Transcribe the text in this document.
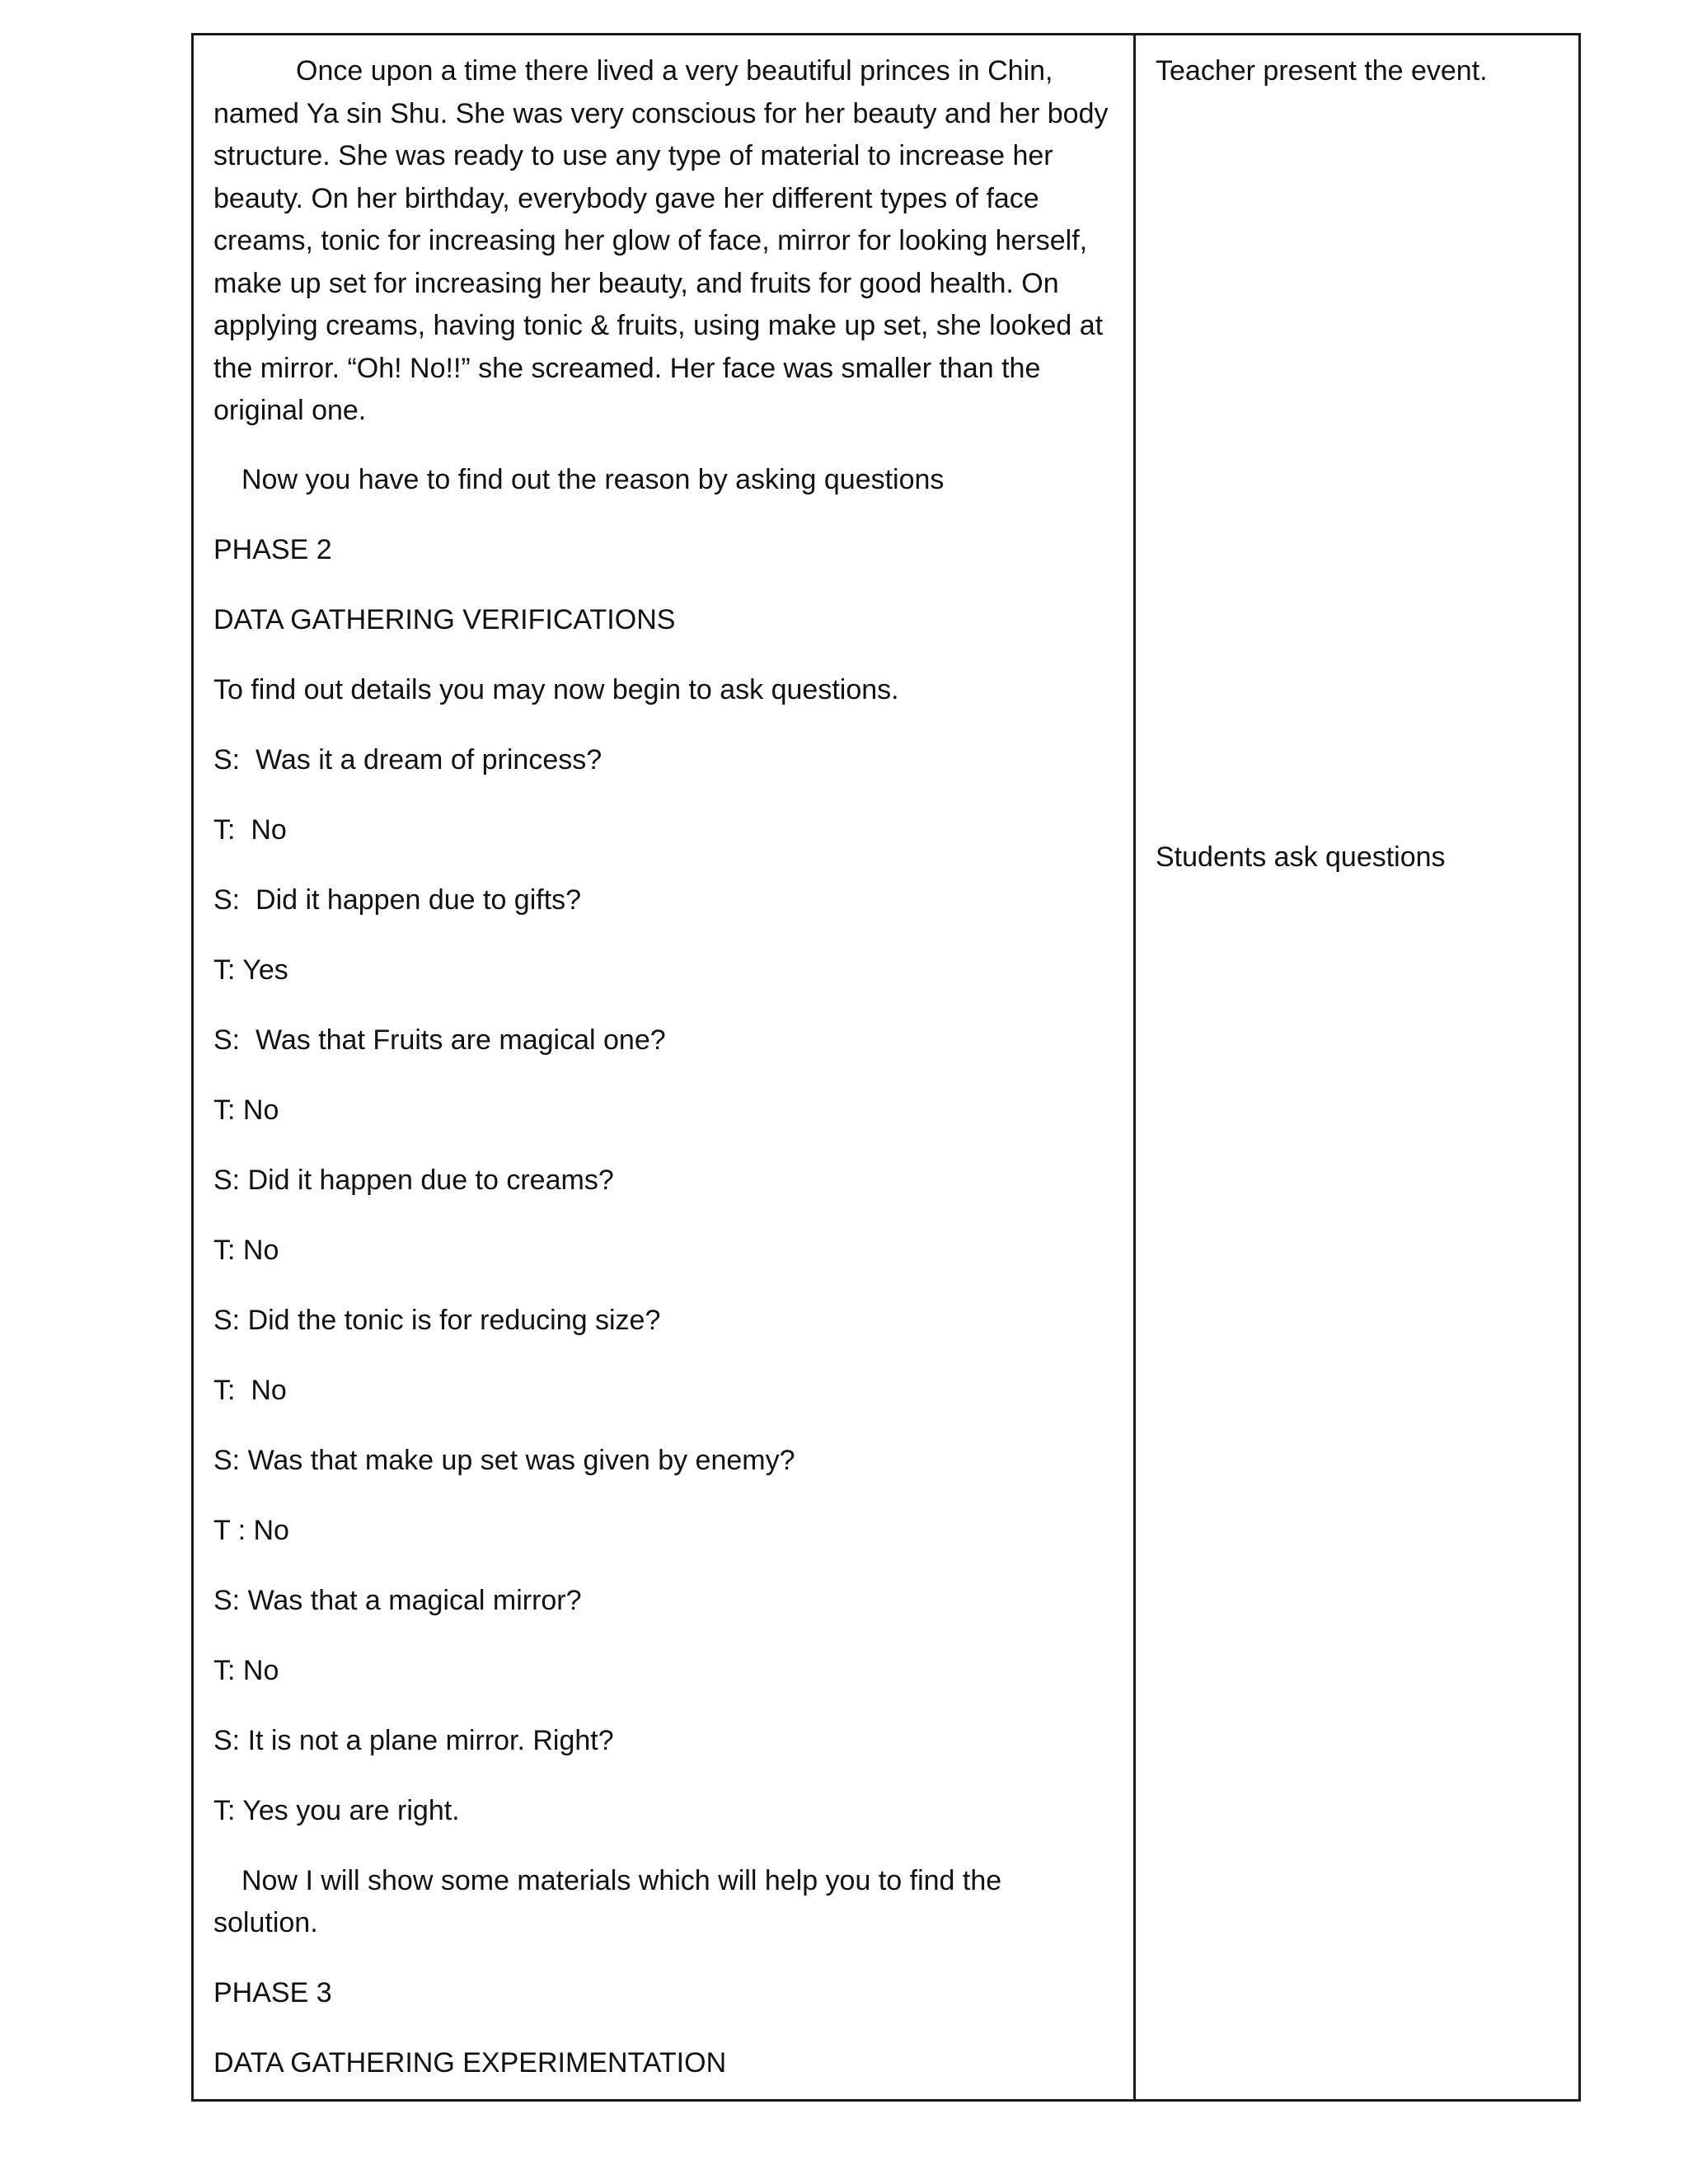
Once upon a time there lived a very beautiful princes in Chin, named Ya sin Shu. She was very conscious for her beauty and her body structure. She was ready to use any type of material to increase her beauty. On her birthday, everybody gave her different types of face creams, tonic for increasing her glow of face, mirror for looking herself, make up set for increasing her beauty, and fruits for good health. On applying creams, having tonic & fruits, using make up set, she looked at the mirror. “Oh! No!!” she screamed. Her face was smaller than the original one.

Now you have to find out the reason by asking questions

PHASE 2

DATA GATHERING VERIFICATIONS

To find out details you may now begin to ask questions.

S:  Was it a dream of princess?

T:  No

S:  Did it happen due to gifts?

T: Yes

S:  Was that Fruits are magical one?

T: No

S: Did it happen due to creams?

T: No

S: Did the tonic is for reducing size?

T:  No

S: Was that make up set was given by enemy?

T : No

S: Was that a magical mirror?

T: No

S: It is not a plane mirror. Right?

T: Yes you are right.

Now I will show some materials which will help you to find the solution.

PHASE 3

DATA GATHERING EXPERIMENTATION

Teacher present the event.

Students ask questions
